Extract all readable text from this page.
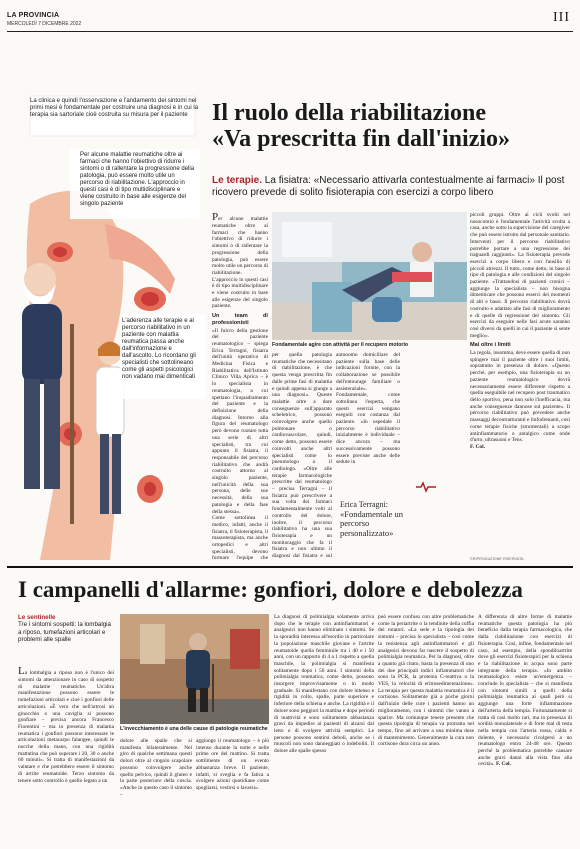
LA PROVINCIA
MERCOLEDÌ 7 DICEMBRE 2022	III
La clinica e quindi l'osservazione e l'andamento dei sintomi nei primi mesi è fondamentale per costruire una diagnosi e in cui la terapia sia sartoriale cioè costruita su misura per il paziente
Per alcune malattie reumatiche oltre ai farmaci che hanno l'obiettivo di ridurre i sintomi o di rallentare la progressione della patologia, può essere molto utile un percorso di riabilitazione. L'approccio in questi casi è di tipo multidisciplinare e viene costruito in base alle esigenze del singolo paziente
L'aderenza alle terapie e al percorso riabilitativo in un paziente con malattia reumatica passa anche dall'informazione e dall'ascolto. Lo ricordano gli specialisti che sottolineano come gli aspetti psicologici non vadano mai dimenticati
Il ruolo della riabilitazione
«Va prescritta fin dall'inizio»
Le terapie. La fisiatra: «Necessario attivarla contestualmente ai farmaci» Il post ricovero prevede di solito fisioterapia con esercizi a corpo libero
Per alcune malattie reumatiche oltre ai farmaci che hanno l'obiettivo di ridurre i sintomi o di rallentare la progressione della patologia, può essere molto utile un percorso di riabilitazione. L'approccio in questi casi è di tipo multidisciplinare e viene costruito in base alle esigenze del singolo paziente.
Un team di professionisti
«Il fulcro della gestione del paziente reumatologico – spiega Erica Terragni, fisiatra dell'unità operativa di Medicina Fisica e Riabilitativa dell'Istituto Clinico Villa Aprica – è lo specialista in reumatologia, a cui spettano l'inquadramento del paziente e la definizione della diagnosi. Intorno alla figura del reumatologo però devono ruotare tutta una serie di altri specialisti, tra cui appunto il fisiatra, il responsabile del percorso riabilitativo che andrà costruito attorno al singolo paziente, nell'unicità della sua persona, delle sue necessità, della sua patologia e della fase della stessa».
Come sottolinea il medico, infatti, anche il fisiatra, il fisioterapista, il massoterapista, ma anche ortopedici e altri specialisti, devono formare l'equipe che
Fondamentale agire con attività per il recupero motorio
per quella patologia reumatiche che necessitano di riabilitazione, è che questa venga prescritta fin dalle prime fasi di malattia e quindi appena si giunge a una diagnosi». Queste malattie oltre a dare conseguenze sull'apparato scheletrico, possono coinvolgere anche quello polmonare o cardiovascolare, quindi, come detto, possono essere coinvolti anche altri specialisti come lo pneumologo o il cardiologo. «Oltre alle terapie farmacologiche prescritte dal reumatologo – precisa Terragni – il fisiatra può prescrivere a sua volta dei farmaci fondamentalmente volti al controllo del dolore, inoltre, il percorso riabilitativo ha una sua fisioterapia e un monitoraggio che fa il fisiatra e non ultimo il diagnosi dal fisiatra e sul
autonomo domiciliare del paziente sulla base delle indicazioni fornite, con la collaborazione se possibile dell'entourage familiare o assistenziale». Fondamentale, come sottolinea l'esperta, che questi esercizi vengano eseguiti con costanza dal paziente. «In ospedale il percorso riabilitativo inizialmente è individuale – dice ancora – ma successivamente possono essere previste anche delle sedute in
Erica Terragni:
«Fondamentale un percorso personalizzato»
piccoli gruppi. Oltre ai cicli svolti nel nosocomio è fondamentale l'attività svolta a casa, anche sotto la supervisione del caregiver che può essere istruito dal personale sanitario. Interventi per il percorso riabilitativo potrebbe portare a una regressione dei traguardi raggiunti». La fisioterapia prevede esercizi a corpo libero e con l'ausilio di piccoli attrezzi. Il tutto, come detto, in base al tipo di patologia e alle condizioni del singolo paziente. «Trattandosi di pazienti cronici – aggiunge la specialista – non bisogna dimenticare che possono esserci dei momenti di alti e bassi. Il percorso riabilitativo dovrà costruito e adattato alle fasi di miglioramento e di quelle di regressione del sintomo. Gli esercizi da eseguire nelle fasi acute saranno così diversi da quelli in cui il paziente si sente meglio».
Mai oltre i limiti
La regola, insomma, deve essere quella di non spingere mai il paziente oltre i suoi limiti, soprattutto in presenza di dolore. «Questo perché, per esempio, una fisioterapia su un paziente reumatologico dovrà necessariamente essere differente rispetto a quella eseguibile nel recupero post traumatico dello sportivo, pena non solo l'inefficacia, ma anche conseguenze dannose sul paziente». Il percorso riabilitativo può prevedere anche massaggi decontratturanti e linfodrenanti, così come terapie fisiche (strumentali) a scopo antinfiammatorio o antalgico come onde d'urto, ultrasuoni e Tens.
F. Col.
©RIPRODUZIONE RISERVATA
I campanelli d'allarme: gonfiori, dolore e debolezza
Le sentinelle
Tre i sintomi sospetti: la lombalgia a riposo, tumefazioni articolari e problemi alle spalle
La lombalgia a riposo non è l'unico dei sintomi da attenzionare in caso di sospetto di malattie reumatiche. Un'altra manifestazione possono essere le tumefazioni articolari e cioè i gonfiori delle articolazioni. «È vero che nell'artrosi un ginocchio o una caviglia si possono gonfiare – precisa ancora Francesco Fiorentini – ma in presenza di malattia reumatica i gonfiori possono interessare le articolazioni metacarpo falangee, quindi le nocche della mano, con una rigidità mattutina che può superare i 20, 30 o anche 60 minuti». Si tratta di manifestazioni da valutare e che potrebbero essere il sintomo di artrite reumatoide. Terzo sintomo da tenere sotto controllo è quello legato a un
L'invecchiamento è una delle cause di patologie reumatiche
dolore alle spalle che si manifesta bilateralmente. Nel giro di qualche settimana questi dolori oltre al cingolo scapolare possono coinvolgere anche quello pelvico, quindi il gluteo e la parte posteriore della coscia. «Anche in questo caso il sintomo –
aggiunge il reumatologo – è più intenso durante la notte e nelle prime ore del mattino. Si tratta sottilmente di un evento abbastanza breve. Il paziente, infatti, si sveglia e fa fatica a svolgere azioni quotidiane come spogliarsi, vestirsi o lavarsi».
La diagnosi di polimialgia solamente arriva dopo che le terapie con antinfiammatori e analgesici non hanno eliminato i sintomi. Se la sporadità interessa all'esordio in particolare la popolazione maschile giovane e l'artrite reumatoide quella femminile tra i 40 e i 50 anni, con un rapporto di 4 a 1 rispetto a quella maschile, la polimialgia si manifesta solitamente dopo i 50 anni. I sintomi della polimialgia reumatica, come detto, possono insorgere improvvisamente o in modo graduale. Si manifestano con dolore intenso e rigidità in collo, spalle, parte superiore e inferiore della schiena e anche. La rigidità e il dolore sono peggiori la mattina e dopo periodi di inattività e sono solitamente abbastanza gravi da impedire ai pazienti di alzarsi dal letto o di svolgere attività semplici. Le persone possono sentirsi deboli, anche se i muscoli non sono danneggiati o indeboliti. Il dolore alle spalle spesso
può essere confuso con altre problematiche come la periartrite o la tendinite della cuffia dei rotatori. «La sede e la tipologia dei sintomi – precisa lo specialista – così come la resistenza agli antinfiammatori e gli analgesici devono far nascere il sospetto di polimialgia reumatica. Per la diagnosi, oltre a quanto già citato, basta la presenza di uno dei due principali indici infiammatori che sono la PCR, la proteina C-reattiva o la VES, la velocità di eritrosedimentazione». La terapia per questa malattia reumatica è il cortisone. Solitamente già a poche giorni dall'inizio delle cure i pazienti hanno un miglioramento, con i sintomi che vanno a sparire. Ma comunque tenere presente che questa tipologia di terapia va protratta nel tempo, fino ad arrivare a una minima dose di mantenimento. Generalmente la cura non cortisone dura circa un anno.
A differenza di altre forme di malattie reumatiche questa patologia ha più beneficio dalla terapia farmacologica, che dalla riabilitazione con esercizi di fisioterapia. Così, infine, fondamentale nel caso, ad esempio, della spondiloartrite dove gli esercizi fisioterapici per la schiena e la riabilitazione in acqua sono parte integrante della terapia. «In ambito reumatologico esiste un'emergenza – conclude lo specialista – che si manifesta con sintomi simili a quelli della polimialgia reumatica ai quali però si aggiunge una forte infiammazione dell'arteria della tempia. Fortunatamente si tratta di casi molto rari, ma in presenza di sordità monolaterale e di forte mal di testa nella tempia con l'arteria rossa, calda e dolente, è necessario rivolgersi a un reumatologo entro 24-48 ore. Questo perché la problematica potrebbe causare anche gravi danni alla vista fino alla cecità». F. Col.
